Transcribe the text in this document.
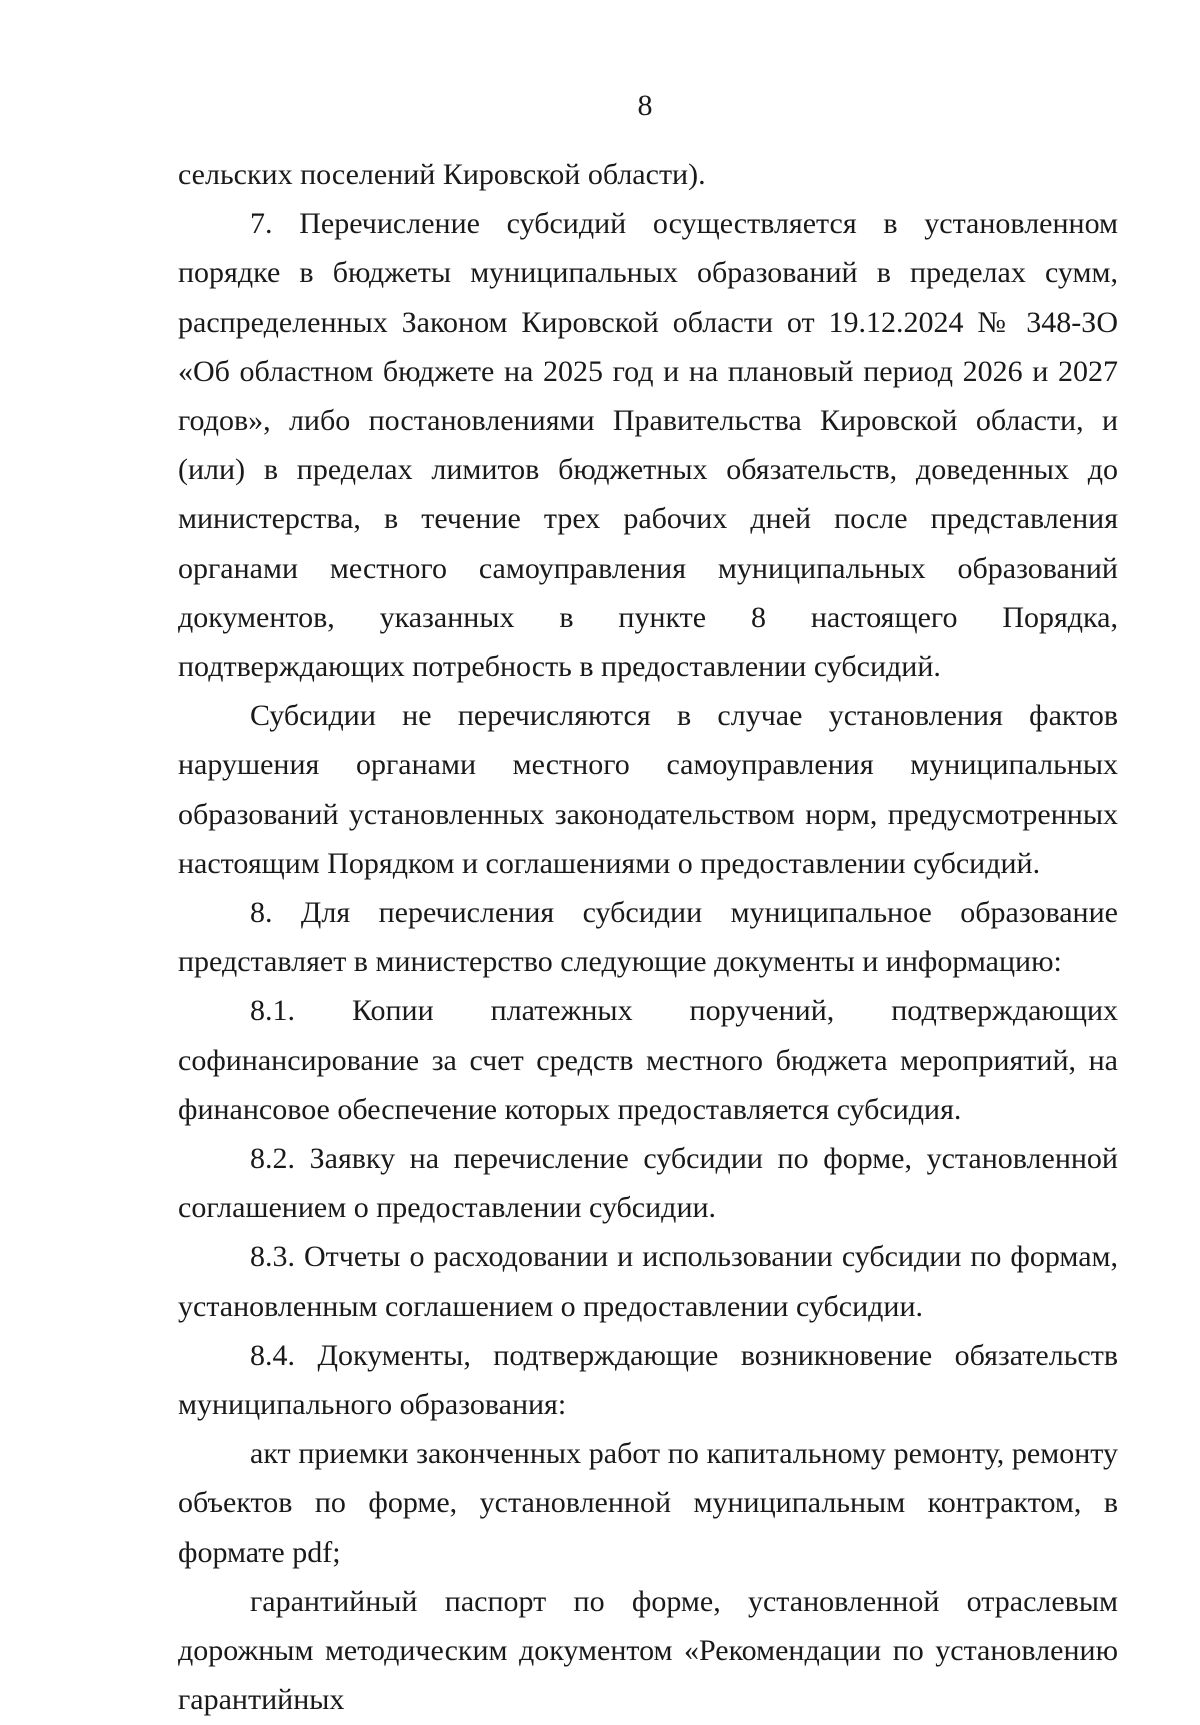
8

сельских поселений Кировской области).

7. Перечисление субсидий осуществляется в установленном порядке в бюджеты муниципальных образований в пределах сумм, распределенных Законом Кировской области от 19.12.2024 № 348-ЗО «Об областном бюджете на 2025 год и на плановый период 2026 и 2027 годов», либо постановлениями Правительства Кировской области, и (или) в пределах лимитов бюджетных обязательств, доведенных до министерства, в течение трех рабочих дней после представления органами местного самоуправления муниципальных образований документов, указанных в пункте 8 настоящего Порядка, подтверждающих потребность в предоставлении субсидий.

Субсидии не перечисляются в случае установления фактов нарушения органами местного самоуправления муниципальных образований установленных законодательством норм, предусмотренных настоящим Порядком и соглашениями о предоставлении субсидий.

8. Для перечисления субсидии муниципальное образование представляет в министерство следующие документы и информацию:

8.1. Копии платежных поручений, подтверждающих софинансирование за счет средств местного бюджета мероприятий, на финансовое обеспечение которых предоставляется субсидия.

8.2. Заявку на перечисление субсидии по форме, установленной соглашением о предоставлении субсидии.

8.3. Отчеты о расходовании и использовании субсидии по формам, установленным соглашением о предоставлении субсидии.

8.4. Документы, подтверждающие возникновение обязательств муниципального образования:

акт приемки законченных работ по капитальному ремонту, ремонту объектов по форме, установленной муниципальным контрактом, в формате pdf;

гарантийный паспорт по форме, установленной отраслевым дорожным методическим документом «Рекомендации по установлению гарантийных
